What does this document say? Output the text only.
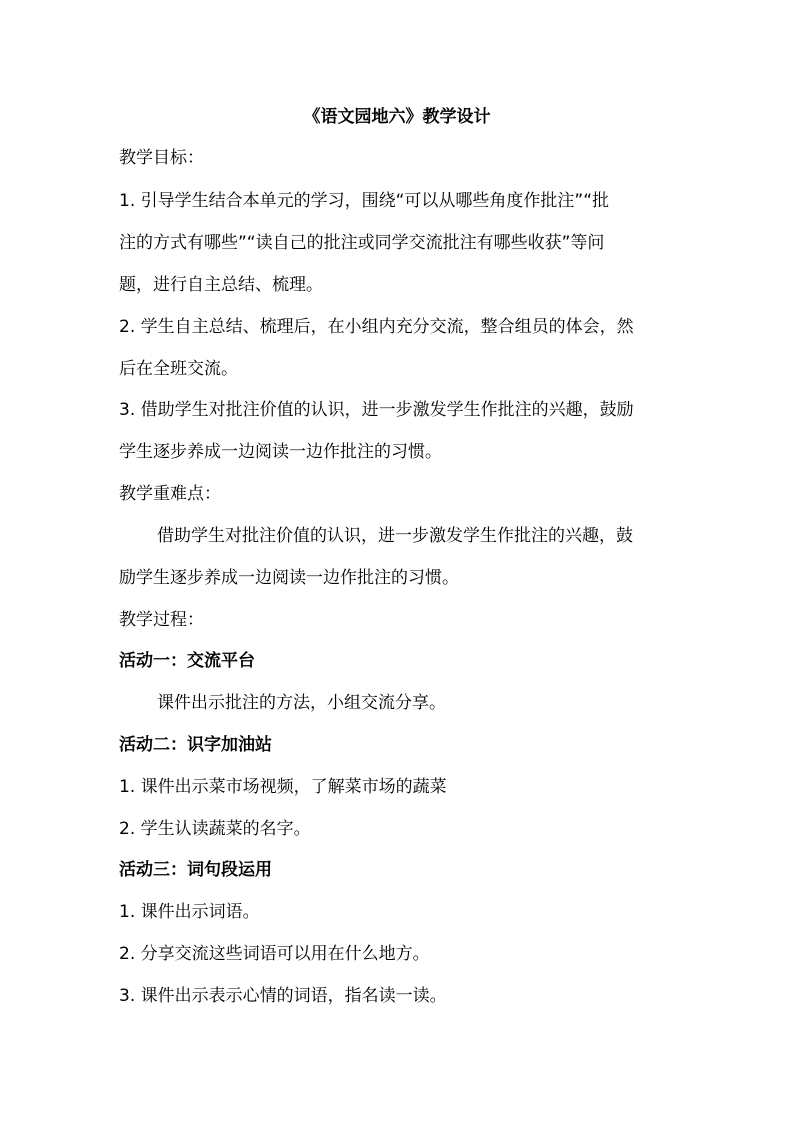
《语文园地六》教学设计
教学目标：
1. 引导学生结合本单元的学习，围绕“可以从哪些角度作批注”“批
注的方式有哪些”“读自己的批注或同学交流批注有哪些收获”等问
题，进行自主总结、梳理。
2. 学生自主总结、梳理后，在小组内充分交流，整合组员的体会，然
后在全班交流。
3. 借助学生对批注价值的认识，进一步激发学生作批注的兴趣，鼓励
学生逐步养成一边阅读一边作批注的习惯。
教学重难点：
借助学生对批注价值的认识，进一步激发学生作批注的兴趣，鼓
励学生逐步养成一边阅读一边作批注的习惯。
教学过程：
活动一：交流平台
课件出示批注的方法，小组交流分享。
活动二：识字加油站
1. 课件出示菜市场视频，了解菜市场的蔬菜
2. 学生认读蔬菜的名字。
活动三：词句段运用
1. 课件出示词语。
2. 分享交流这些词语可以用在什么地方。
3. 课件出示表示心情的词语，指名读一读。
